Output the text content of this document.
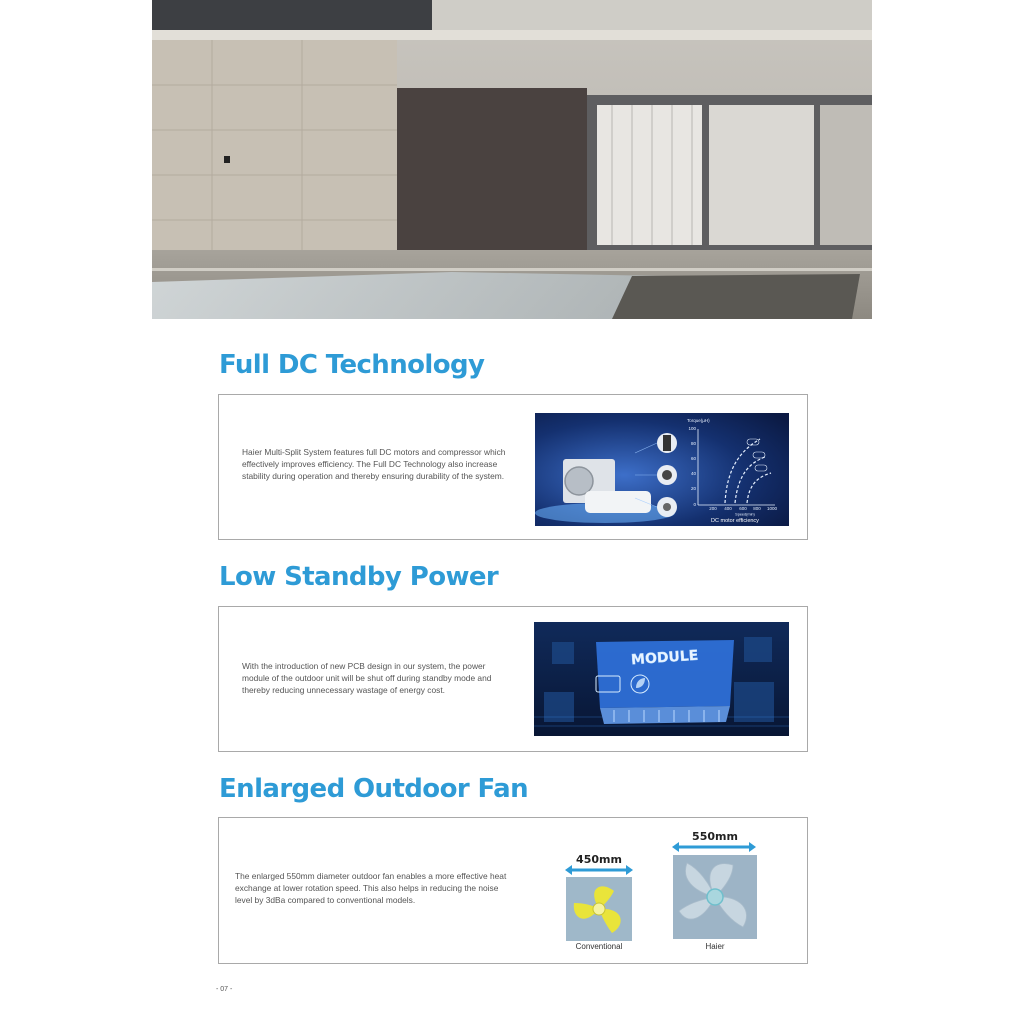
Full DC Technology
Haier Multi-Split System features full DC motors and compressor which effectively improves efficiency. The Full DC Technology also increase stability during operation and thereby ensuring durability of the system.
Torque(µH)
100
80
60
40
20
0
200 400 600 800 1000
Speed(min)
DC motor efficiency
Low Standby Power
With the introduction of new PCB design in our system, the power module of the outdoor unit will be shut off during standby mode and thereby reducing unnecessary wastage of energy cost.
MODULE
Enlarged Outdoor Fan
The enlarged 550mm diameter outdoor fan enables a more effective heat exchange at lower rotation speed. This also helps in reducing the noise level by 3dBa compared to conventional models.
450mm
Conventional
550mm
Haier
- 07 -
